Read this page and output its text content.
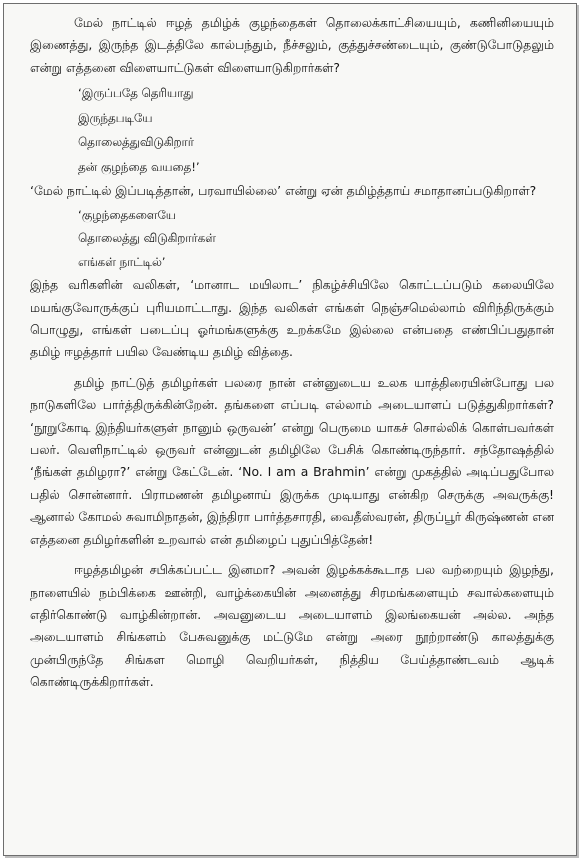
மேல் நாட்டில் ஈழத் தமிழ்க் குழந்தைகள் தொலைக்காட்சியையும், கணினியையும் இணைத்து, இருந்த இடத்திலே கால்பந்தும், நீச்சலும், குத்துச்சண்டையும், குண்டுபோடுதலும் என்று எத்தனை விளையாட்டுகள் விளையாடுகிறார்கள்?

‘இருப்பதே தெரியாது
இருந்தபடியே
தொலைத்துவிடுகிறார்
தன் குழந்தை வயதை!’

‘மேல் நாட்டில் இப்படித்தான், பரவாயில்லை’ என்று ஏன் தமிழ்த்தாய் சமாதானப்படுகிறாள்?

‘குழந்தைகளையே
தொலைத்து விடுகிறார்கள்
எங்கள் நாட்டில்’

இந்த வரிகளின் வலிகள், ‘மானாட மயிலாட’ நிகழ்ச்சியிலே கொட்டப்படும் கலையிலே மயங்குவோருக்குப் புரியமாட்டாது. இந்த வலிகள் எங்கள் நெஞ்சமெல்லாம் விரிந்திருக்கும் பொழுது, எங்கள் படைப்பு ஓர்மங்களுக்கு உறக்கமே இல்லை என்பதை எண்பிப்பதுதான் தமிழ் ஈழத்தார் பயில வேண்டிய தமிழ் வித்தை.

தமிழ் நாட்டுத் தமிழர்கள் பலரை நான் என்னுடைய உலக யாத்திரையின்போது பல நாடுகளிலே பார்த்திருக்கின்றேன். தங்களை எப்படி எல்லாம் அடையாளப் படுத்துகிறார்கள்? ‘நூறுகோடி இந்தியர்களுள் நானும் ஒருவன்’ என்று பெருமை யாகச் சொல்லிக் கொள்பவர்கள் பலர். வெளிநாட்டில் ஒருவர் என்னுடன் தமிழிலே பேசிக் கொண்டிருந்தார். சந்தோஷத்தில் ‘நீங்கள் தமிழரா?’ என்று கேட்டேன். ‘No. I am a Brahmin’ என்று முகத்தில் அடிப்பதுபோல பதில் சொன்னார். பிராமணன் தமிழனாய் இருக்க முடியாது என்கிற செருக்கு அவருக்கு! ஆனால் கோமல் சுவாமிநாதன், இந்திரா பார்த்தசாரதி, வைதீஸ்வரன், திருப்பூர் கிருஷ்ணன் என எத்தனை தமிழர்களின் உறவால் என் தமிழைப் புதுப்பித்தேன்!

ஈழத்தமிழன் சபிக்கப்பட்ட இனமா? அவன் இழக்கக்கூடாத பல வற்றையும் இழந்து, நாளையில் நம்பிக்கை ஊன்றி, வாழ்க்கையின் அனைத்து சிரமங்களையும் சவால்களையும் எதிர்கொண்டு வாழ்கின்றான். அவனுடைய அடையாளம் இலங்கையன் அல்ல. அந்த அடையாளம் சிங்களம் பேசுவனுக்கு மட்டுமே என்று அரை நூற்றாண்டு காலத்துக்கு முன்பிருந்தே சிங்கள மொழி வெறியர்கள், நித்திய பேய்த்தாண்டவம் ஆடிக் கொண்டிருக்கிறார்கள்.
